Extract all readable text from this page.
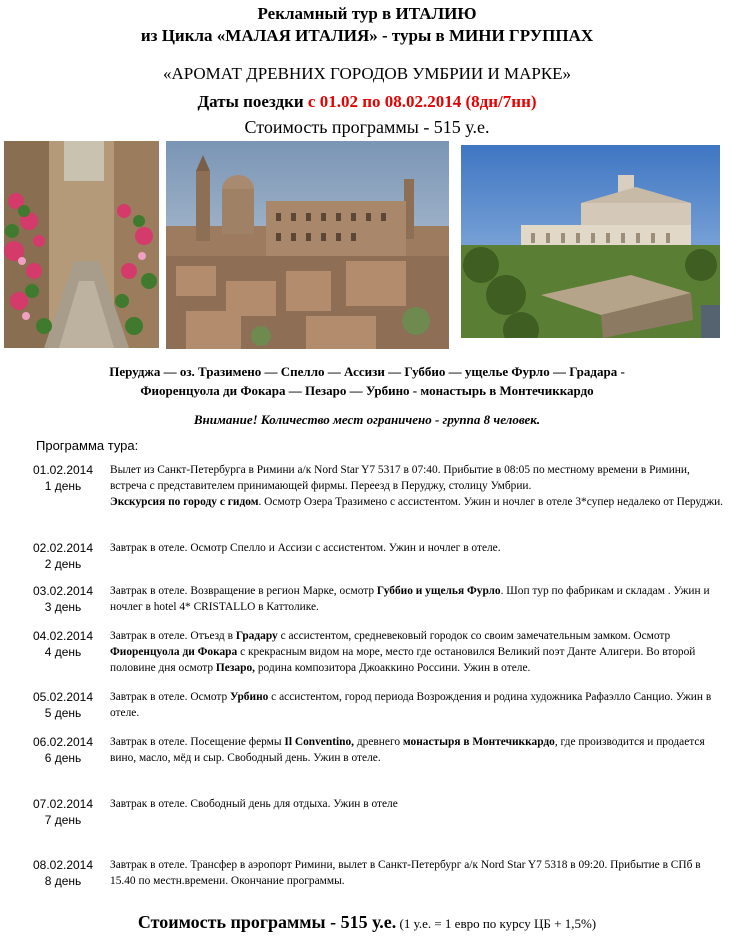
Рекламный тур в ИТАЛИЮ
из Цикла «МАЛАЯ ИТАЛИЯ» - туры в МИНИ ГРУППАХ
«АРОМАТ ДРЕВНИХ ГОРОДОВ УМБРИИ И МАРКЕ»
Даты поездки с 01.02 по 08.02.2014 (8дн/7нн)
Стоимость программы - 515 у.е.
Перуджа — оз. Тразимено — Спелло — Ассизи — Губбио — ущелье Фурло — Градара -
Фиоренцуола ди Фокара — Пезаро — Урбино - монастырь в Монтечиккардо
Внимание! Количество мест ограничено - группа 8 человек.
Программа тура:
01.02.2014
1 день
Вылет из Санкт-Петербурга в Римини а/к Nord Star Y7 5317 в 07:40. Прибытие в 08:05 по местному времени в Римини, встреча с представителем принимающей фирмы. Переезд в Перуджу, столицу Умбрии.
Экскурсия по городу с гидом. Осмотр Озера Тразимено с ассистентом. Ужин и ночлег в отеле 3*супер недалеко от Перуджи.
02.02.2014
2 день
Завтрак в отеле. Осмотр Спелло и Ассизи с ассистентом. Ужин и ночлег в отеле.
03.02.2014
3 день
Завтрак в отеле. Возвращение в регион Марке, осмотр Губбио и ущелья Фурло. Шоп тур по фабрикам и складам . Ужин и ночлег в hotel 4* CRISTALLO в Каттолике.
04.02.2014
4 день
Завтрак в отеле. Отъезд в Градару с ассистентом, средневековый городок со своим замечательным замком. Осмотр Фиоренцуола ди Фокара с крекрасным видом на море, место где остановился Великий поэт Данте Алигери. Во второй половине дня осмотр Пезаро, родина композитора Джоаккино Россини. Ужин в отеле.
05.02.2014
5 день
Завтрак в отеле. Осмотр Урбино с ассистентом, город периода Возрождения и родина художника Рафаэлло Санцио. Ужин в отеле.
06.02.2014
6 день
Завтрак в отеле. Посещение фермы Il Conventino, древнего монастыря в Монтечиккардо, где производится и продается вино, масло, мёд и сыр. Свободный день. Ужин в отеле.
07.02.2014
7 день
Завтрак в отеле. Свободный день для отдыха. Ужин в отеле
08.02.2014
8 день
Завтрак в отеле. Трансфер в аэропорт Римини, вылет в Санкт-Петербург а/к Nord Star Y7 5318 в 09:20. Прибытие в СПб в 15.40 по местн.времени. Окончание программы.
Стоимость программы - 515 у.е. (1 у.е. = 1 евро по курсу ЦБ + 1,5%)
